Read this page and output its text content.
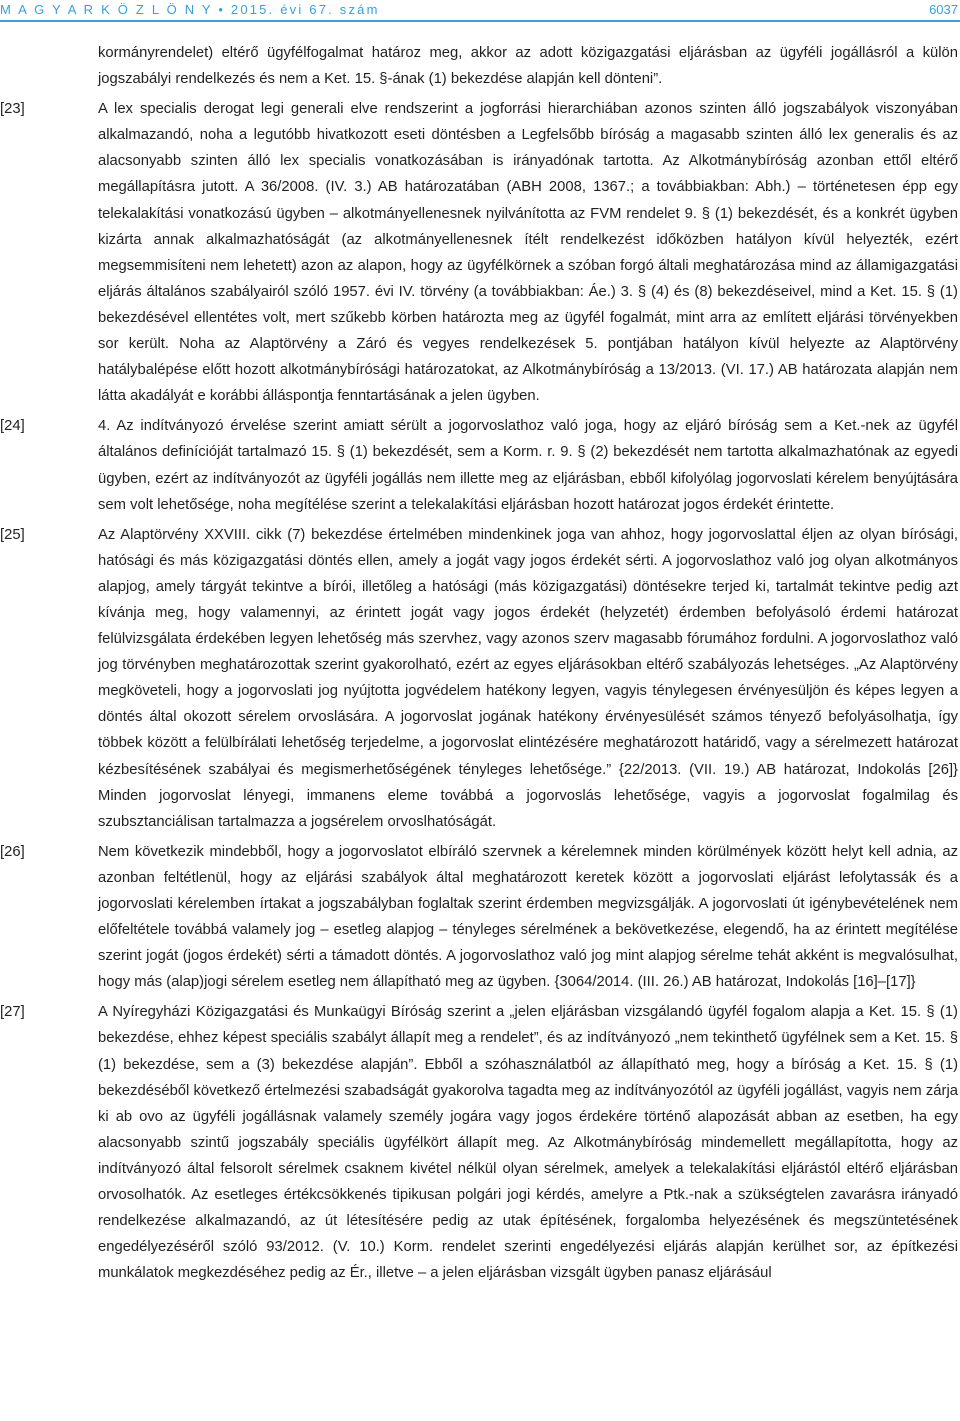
M A G Y A R K Ö Z L Ö N Y • 2015. évi 67. szám	6037

kormányrendelet) eltérő ügyfélfogalmat határoz meg, akkor az adott közigazgatási eljárásban az ügyféli jogállásról a külön jogszabályi rendelkezés és nem a Ket. 15. §-ának (1) bekezdése alapján kell dönteni”.

[23]	A lex specialis derogat legi generali elve rendszerint a jogforrási hierarchiában azonos szinten álló jogszabályok viszonyában alkalmazandó, noha a legutóbb hivatkozott eseti döntésben a Legfelsőbb bíróság a magasabb szinten álló lex generalis és az alacsonyabb szinten álló lex specialis vonatkozásában is irányadónak tartotta. Az Alkotmánybíróság azonban ettől eltérő megállapításra jutott. A 36/2008. (IV. 3.) AB határozatában (ABH 2008, 1367.; a továbbiakban: Abh.) – történetesen épp egy telekalakítási vonatkozású ügyben – alkotmányellenesnek nyilvánította az FVM rendelet 9. § (1) bekezdését, és a konkrét ügyben kizárta annak alkalmazhatóságát (az alkotmányellenesnek ítélt rendelkezést időközben hatályon kívül helyezték, ezért megsemmisíteni nem lehetett) azon az alapon, hogy az ügyfélkörnek a szóban forgó általi meghatározása mind az államigazgatási eljárás általános szabályairól szóló 1957. évi IV. törvény (a továbbiakban: Áe.) 3. § (4) és (8) bekezdéseivel, mind a Ket. 15. § (1) bekezdésével ellentétes volt, mert szűkebb körben határozta meg az ügyfél fogalmát, mint arra az említett eljárási törvényekben sor került. Noha az Alaptörvény a Záró és vegyes rendelkezések 5. pontjában hatályon kívül helyezte az Alaptörvény hatálybalépése előtt hozott alkotmánybírósági határozatokat, az Alkotmánybíróság a 13/2013. (VI. 17.) AB határozata alapján nem látta akadályát e korábbi álláspontja fenntartásának a jelen ügyben.

[24]	4. Az indítványozó érvelése szerint amiatt sérült a jogorvoslathoz való joga, hogy az eljáró bíróság sem a Ket.-nek az ügyfél általános definícióját tartalmazó 15. § (1) bekezdését, sem a Korm. r. 9. § (2) bekezdését nem tartotta alkalmazhatónak az egyedi ügyben, ezért az indítványozót az ügyféli jogállás nem illette meg az eljárásban, ebből kifolyólag jogorvoslati kérelem benyújtására sem volt lehetősége, noha megítélése szerint a telekalakítási eljárásban hozott határozat jogos érdekét érintette.

[25]	Az Alaptörvény XXVIII. cikk (7) bekezdése értelmében mindenkinek joga van ahhoz, hogy jogorvoslattal éljen az olyan bírósági, hatósági és más közigazgatási döntés ellen, amely a jogát vagy jogos érdekét sérti. A jogorvoslathoz való jog olyan alkotmányos alapjog, amely tárgyát tekintve a bírói, illetőleg a hatósági (más közigazgatási) döntésekre terjed ki, tartalmát tekintve pedig azt kívánja meg, hogy valamennyi, az érintett jogát vagy jogos érdekét (helyzetét) érdemben befolyásoló érdemi határozat felülvizsgálata érdekében legyen lehetőség más szervhez, vagy azonos szerv magasabb fórumához fordulni. A jogorvoslathoz való jog törvényben meghatározottak szerint gyakorolható, ezért az egyes eljárásokban eltérő szabályozás lehetséges. „Az Alaptörvény megköveteli, hogy a jogorvoslati jog nyújtotta jogvédelem hatékony legyen, vagyis ténylegesen érvényesüljön és képes legyen a döntés által okozott sérelem orvoslására. A jogorvoslat jogának hatékony érvényesülését számos tényező befolyásolhatja, így többek között a felülbírálati lehetőség terjedelme, a jogorvoslat elintézésére meghatározott határidő, vagy a sérelmezett határozat kézbesítésének szabályai és megismerhetőségének tényleges lehetősége.” {22/2013. (VII. 19.) AB határozat, Indokolás [26]} Minden jogorvoslat lényegi, immanens eleme továbbá a jogorvoslás lehetősége, vagyis a jogorvoslat fogalmilag és szubsztanciálisan tartalmazza a jogsérelem orvoslhatóságát.

[26]	Nem következik mindebből, hogy a jogorvoslatot elbíráló szervnek a kérelemnek minden körülmények között helyt kell adnia, az azonban feltétlenül, hogy az eljárási szabályok által meghatározott keretek között a jogorvoslati eljárást lefolytassák és a jogorvoslati kérelemben írtakat a jogszabályban foglaltak szerint érdemben megvizsgálják. A jogorvoslati út igénybevételének nem előfeltétele továbbá valamely jog – esetleg alapjog – tényleges sérelmének a bekövetkezése, elegendő, ha az érintett megítélése szerint jogát (jogos érdekét) sérti a támadott döntés. A jogorvoslathoz való jog mint alapjog sérelme tehát akként is megvalósulhat, hogy más (alap)jogi sérelem esetleg nem állapítható meg az ügyben. {3064/2014. (III. 26.) AB határozat, Indokolás [16]–[17]}

[27]	A Nyíregyházi Közigazgatási és Munkaügyi Bíróság szerint a „jelen eljárásban vizsgálandó ügyfél fogalom alapja a Ket. 15. § (1) bekezdése, ehhez képest speciális szabályt állapít meg a rendelet”, és az indítványozó „nem tekinthető ügyfélnek sem a Ket. 15. § (1) bekezdése, sem a (3) bekezdése alapján”. Ebből a szóhasználatból az állapítható meg, hogy a bíróság a Ket. 15. § (1) bekezdéséből következő értelmezési szabadságát gyakorolva tagadta meg az indítványozótól az ügyféli jogállást, vagyis nem zárja ki ab ovo az ügyféli jogállásnak valamely személy jogára vagy jogos érdekére történő alapozását abban az esetben, ha egy alacsonyabb szintű jogszabály speciális ügyfélkört állapít meg. Az Alkotmánybíróság mindemellett megállapította, hogy az indítványozó által felsorolt sérelmek csaknem kivétel nélkül olyan sérelmek, amelyek a telekalakítási eljárástól eltérő eljárásban orvosolhatók. Az esetleges értékcsökkenés tipikusan polgári jogi kérdés, amelyre a Ptk.-nak a szükségtelen zavarásra irányadó rendelkezése alkalmazandó, az út létesítésére pedig az utak építésének, forgalomba helyezésének és megszüntetésének engedélyezéséről szóló 93/2012. (V. 10.) Korm. rendelet szerinti engedélyezési eljárás alapján kerülhet sor, az építkezési munkálatok megkezdéséhez pedig az Ér., illetve – a jelen eljárásban vizsgált ügyben panasz eljárásául
